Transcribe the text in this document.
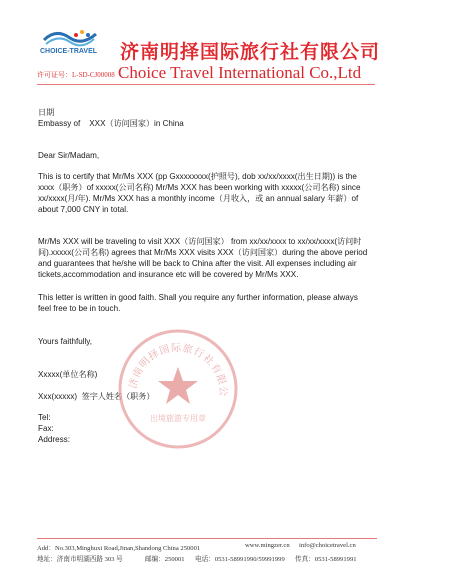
CHOICE-TRAVEL 济南明择国际旅行社有限公司
许可证号：L-SD-CJ00008 Choice Travel International Co.,Ltd
日期
Embassy of    XXX（访问国家）in China
Dear Sir/Madam,

This is to certify that Mr/Ms XXX (pp Gxxxxxxxx(护照号), dob xx/xx/xxxx(出生日期)) is the

xxxx（职务）of xxxxx(公司名称) Mr/Ms XXX has been working with xxxxx(公司名称) since

xx/xxxx(月/年). Mr/Ms XXX has a monthly income（月收入，或 an annual salary 年薪）of

about 7,000 CNY in total.

Mr/Ms XXX will be traveling to visit XXX（访问国家） from xx/xx/xxxx to xx/xx/xxxx(访问时

间).xxxxx(公司名称) agrees that Mr/Ms XXX visits XXX（访问国家）during the above period

and guarantees that he/she will be back to China after the visit. All expenses including air

tickets,accommodation and insurance etc will be covered by Mr/Ms XXX.

This letter is written in good faith. Shall you require any further information, please always

feel free to be in touch.

Yours faithfully,
Xxxxx(单位名称)
Xxx(xxxxx)  签字人姓名（职务）
Tel:
Fax:
Address:
济南明择国际旅行社有限公
出境旅游专用章
Add：No.303,Minghuxi Road,Jinan,Shandong China 250001	www.mingzer.cn info@choicetravel.cn
地址：济南市明湖西路 303 号	邮编：250001 电话：0531-58991990/59991999 传真：0531-58991991
